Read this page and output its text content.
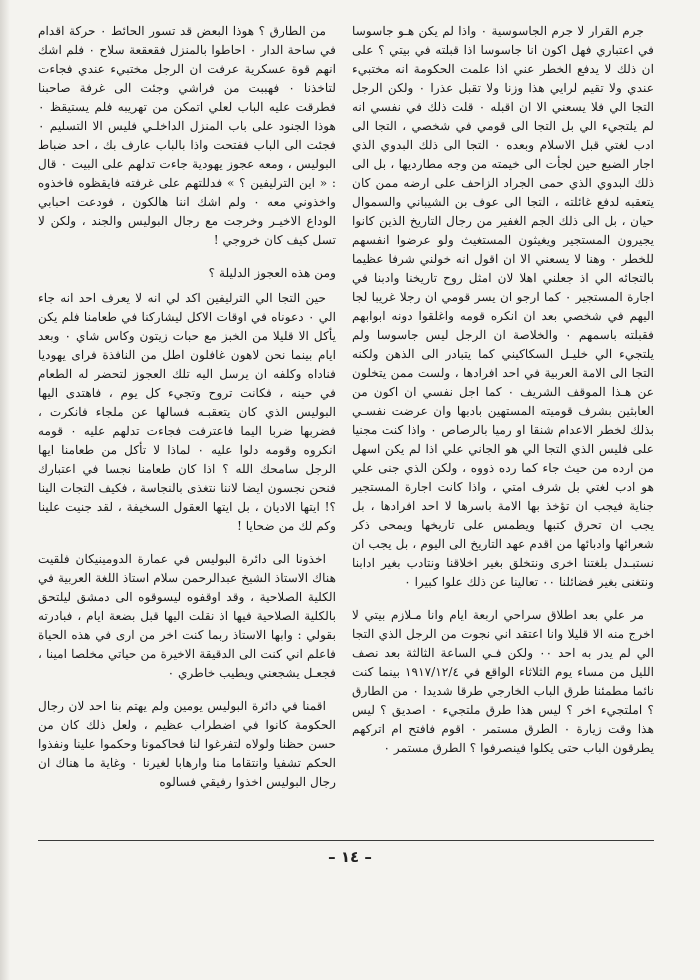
جرم القرار لا جرم الجاسوسية ٠ واذا لم يكن هـو جاسوسا في اعتباري فهل اكون انا جاسوسا اذا قبلته في بيتي ؟ على ان ذلك لا يدفع الخطر عني اذا علمت الحكومة انه مختبيء عندي ولا تقيم لرايي هذا وزنا ولا تقبل عذرا ٠ ولكن الرجل التجا الي فلا يسعني الا ان اقبله ٠ قلت ذلك في نفسي انه لم يلتجيء الي بل التجا الى قومي في شخصي ، التجا الى ادب لغتي قبل الاسلام وبعده ٠ التجا الى ذلك البدوي الذي اجار الضبع حين لجأت الى خيمته من وجه مطارديها ، بل الى ذلك البدوي الذي حمى الجراد الزاحف على ارضه ممن كان يتعقبه لدفع غائلته ، التجا الى عوف بن الشيباني والسموال حيان ، بل الى ذلك الجم الغفير من رجال التاريخ الذين كانوا يجيرون المستجير ويغيثون المستغيث ولو عرضوا انفسهم للخطر ٠ وهنا لا يسعني الا ان اقول انه خولني شرفا عظيما بالتجائه الي اذ جعلني اهلا لان امثل روح تاريخنا وادبنا في اجارة المستجير ٠ كما ارجو ان يسر قومي ان رجلا غريبا لجا اليهم في شخصي بعد ان انكره قومه واغلقوا دونه ابوابهم فقبلته باسمهم ٠ والخلاصة ان الرجل ليس جاسوسا ولم يلتجيء الي خليـل السكاكيني كما يتبادر الى الذهن ولكنه التجا الى الامة العربية في احد افرادها ، ولست ممن يتخلون عن هـذا الموقف الشريف ٠ كما اجل نفسي ان اكون من العابثين بشرف قوميته المستهين بادبها وان عرضت نفسـي بذلك لخطر الاعدام شنقا او رميا بالرصاص ٠ واذا كنت مجنيا على فليس الذي التجا الي هو الجاني علي اذا لم يكن اسهل من ارده من حيث جاء كما رده ذووه ، ولكن الذي جنى علي هو ادب لغتي بل شرف امتي ، واذا كانت اجارة المستجير جناية فيجب ان تؤخذ بها الامة باسرها لا احد افرادها ، بل يجب ان تحرق كتبها ويطمس على تاريخها ويمحى ذكر شعرائها وادبائها من اقدم عهد التاريخ الى اليوم ، بل يجب ان نستبـدل بلغتنا اخرى ونتخلق بغير اخلاقنا ونتادب بغير ادابنا ونتغنى بغير فضائلنا ٠٠ تعالينا عن ذلك علوا كبيرا ٠

مر علي بعد اطلاق سراحي اربعة ايام وانا مـلازم بيتي لا اخرج منه الا قليلا وانا اعتقد اني نجوت من الرجل الذي التجا الي لم يدر به احد ٠٠ ولكن فـي الساعة الثالثة بعد نصف الليل من مساء يوم الثلاثاء الواقع في ١٩١٧/١٢/٤ بينما كنت نائما مطمئنا طرق الباب الخارجي طرقا شديدا ٠ من الطارق ؟ املتجيء اخر ؟ ليس هذا طرق ملتجيء ٠ اصديق ؟ ليس هذا وقت زيارة ٠ الطرق مستمر ٠ اقوم فافتح ام اتركهم يطرقون الباب حتى يكلوا فينصرفوا ؟ الطرق مستمر ٠

من الطارق ؟ هوذا البعض قد تسور الحائط ٠ حركة اقدام في ساحة الدار ٠ احاطوا بالمنزل فقعقعة سلاح ٠ فلم اشك انهم قوة عسكرية عرفت ان الرجل مختبيء عندي فجاءت لتاخذنا ٠ فهببت من فراشي وجئت الى غرفة صاحبنا فطرقت عليه الباب لعلي اتمكن من تهريبه فلم يستيقظ ٠ هوذا الجنود على باب المنزل الداخلـي فليس الا التسليم ٠ فجئت الى الباب ففتحت واذا بالباب عارف بك ، احد ضباط البوليس ، ومعه عجوز يهودية جاءت تدلهم على البيت ٠ قال : « اين الترليفين ؟ » فدللتهم على غرفته فايقظوه فاخذوه واخذوني معه ٠ ولم اشك اننا هالكون ، فودعت احبابي الوداع الاخيـر وخرجت مع رجال البوليس والجند ، ولكن لا تسل كيف كان خروجي !

ومن هذه العجوز الدليلة ؟

حين التجا الي الترليفين اكد لي انه لا يعرف احد انه جاء الي ٠ دعوناه في اوقات الاكل ليشاركنا في طعامنا فلم يكن يأكل الا قليلا من الخبز مع حبات زيتون وكاس شاي ٠ وبعد ايام بينما نحن لاهون غافلون اطل من النافذة فراى يهوديا فناداه وكلفه ان يرسل اليه تلك العجوز لتحضر له الطعام في حينه ، فكانت تروح وتجيء كل يوم ، فاهتدى اليها البوليس الذي كان يتعقبـه فسالها عن ملجاء فانكرت ، فضربها ضربا اليما فاعترفت فجاءت تدلهم عليه ٠ قومه انكروه وقومه دلوا عليه ٠ لماذا لا تأكل من طعامنا ايها الرجل سامحك الله ؟ اذا كان طعامنا نجسا في اعتبارك فنحن نجسون ايضا لاننا نتغذى بالنجاسة ، فكيف التجات الينا ؟! ايتها الاديان ، بل ايتها العقول السخيفة ، لقد جنيت علينا وكم لك من ضحايا !

اخذونا الى دائرة البوليس في عمارة الدومينيكان فلقيت هناك الاستاذ الشيخ عبدالرحمن سلام استاذ اللغة العربية في الكلية الصلاحية ، وقد اوقفوه ليسوقوه الى دمشق ليلتحق بالكلية الصلاحية فيها اذ نقلت اليها قبل بضعة ايام ، فبادرته بقولي : وابها الاستاذ ربما كنت اخر من ارى في هذه الحياة فاعلم اني كنت الى الدقيقة الاخيرة من حياتي مخلصا امينا ، فجعـل يشجعني ويطيب خاطري ٠

اقمنا في دائرة البوليس يومين ولم يهتم بنا احد لان رجال الحكومة كانوا في اضطراب عظيم ، ولعل ذلك كان من حسن حظنا ولولاه لتفرغوا لنا فحاكمونا وحكموا علينا ونفذوا الحكم تشفيا وانتقاما منا وارهابا لغيرنا ٠ وغاية ما هناك ان رجال البوليس اخذوا رفيقي فسالوه

– ١٤ –
